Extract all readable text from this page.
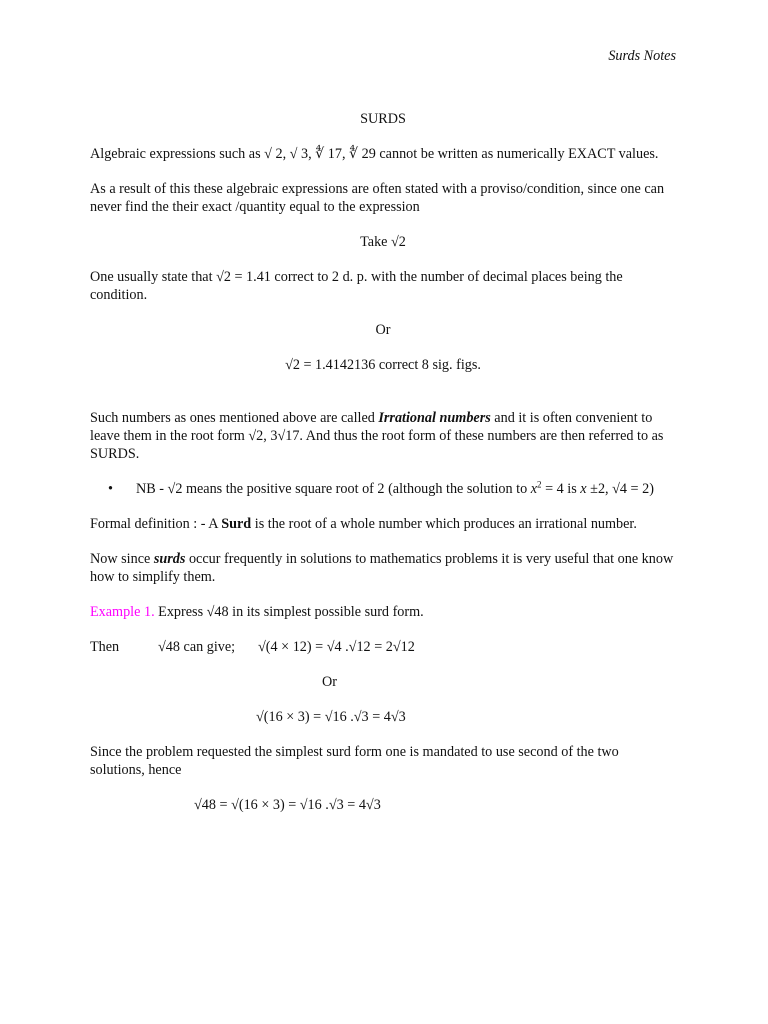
Surds Notes

SURDS

Algebraic expressions such as √ 2, √ 3, ∜ 17, ∜ 29 cannot be written as numerically EXACT values.

As a result of this these algebraic expressions are often stated with a proviso/condition, since one can never find the their exact /quantity equal to the expression

Take √2

One usually state that √2 = 1.41 correct to 2 d. p. with the number of decimal places being the condition.

Or

√2 = 1.4142136 correct 8 sig. figs.

Such numbers as ones mentioned above are called Irrational numbers and it is often convenient to leave them in the root form √2, 3√17. And thus the root form of these numbers are then referred to as SURDS.

•	NB - √2 means the positive square root of 2 (although the solution to $x^2 = 4$ is x ±2, √4 = 2)

Formal definition : - A Surd is the root of a whole number which produces an irrational number.

Now since surds occur frequently in solutions to mathematics problems it is very useful that one know how to simplify them.

Example 1. Express √48 in its simplest possible surd form.

Then	√48 can give;	√(4 × 12) = √4 .√12 = 2√12

Or

√(16 × 3) = √16 .√3 = 4√3

Since the problem requested the simplest surd form one is mandated to use second of the two solutions, hence

√48 = √(16 × 3) = √16 .√3 = 4√3
